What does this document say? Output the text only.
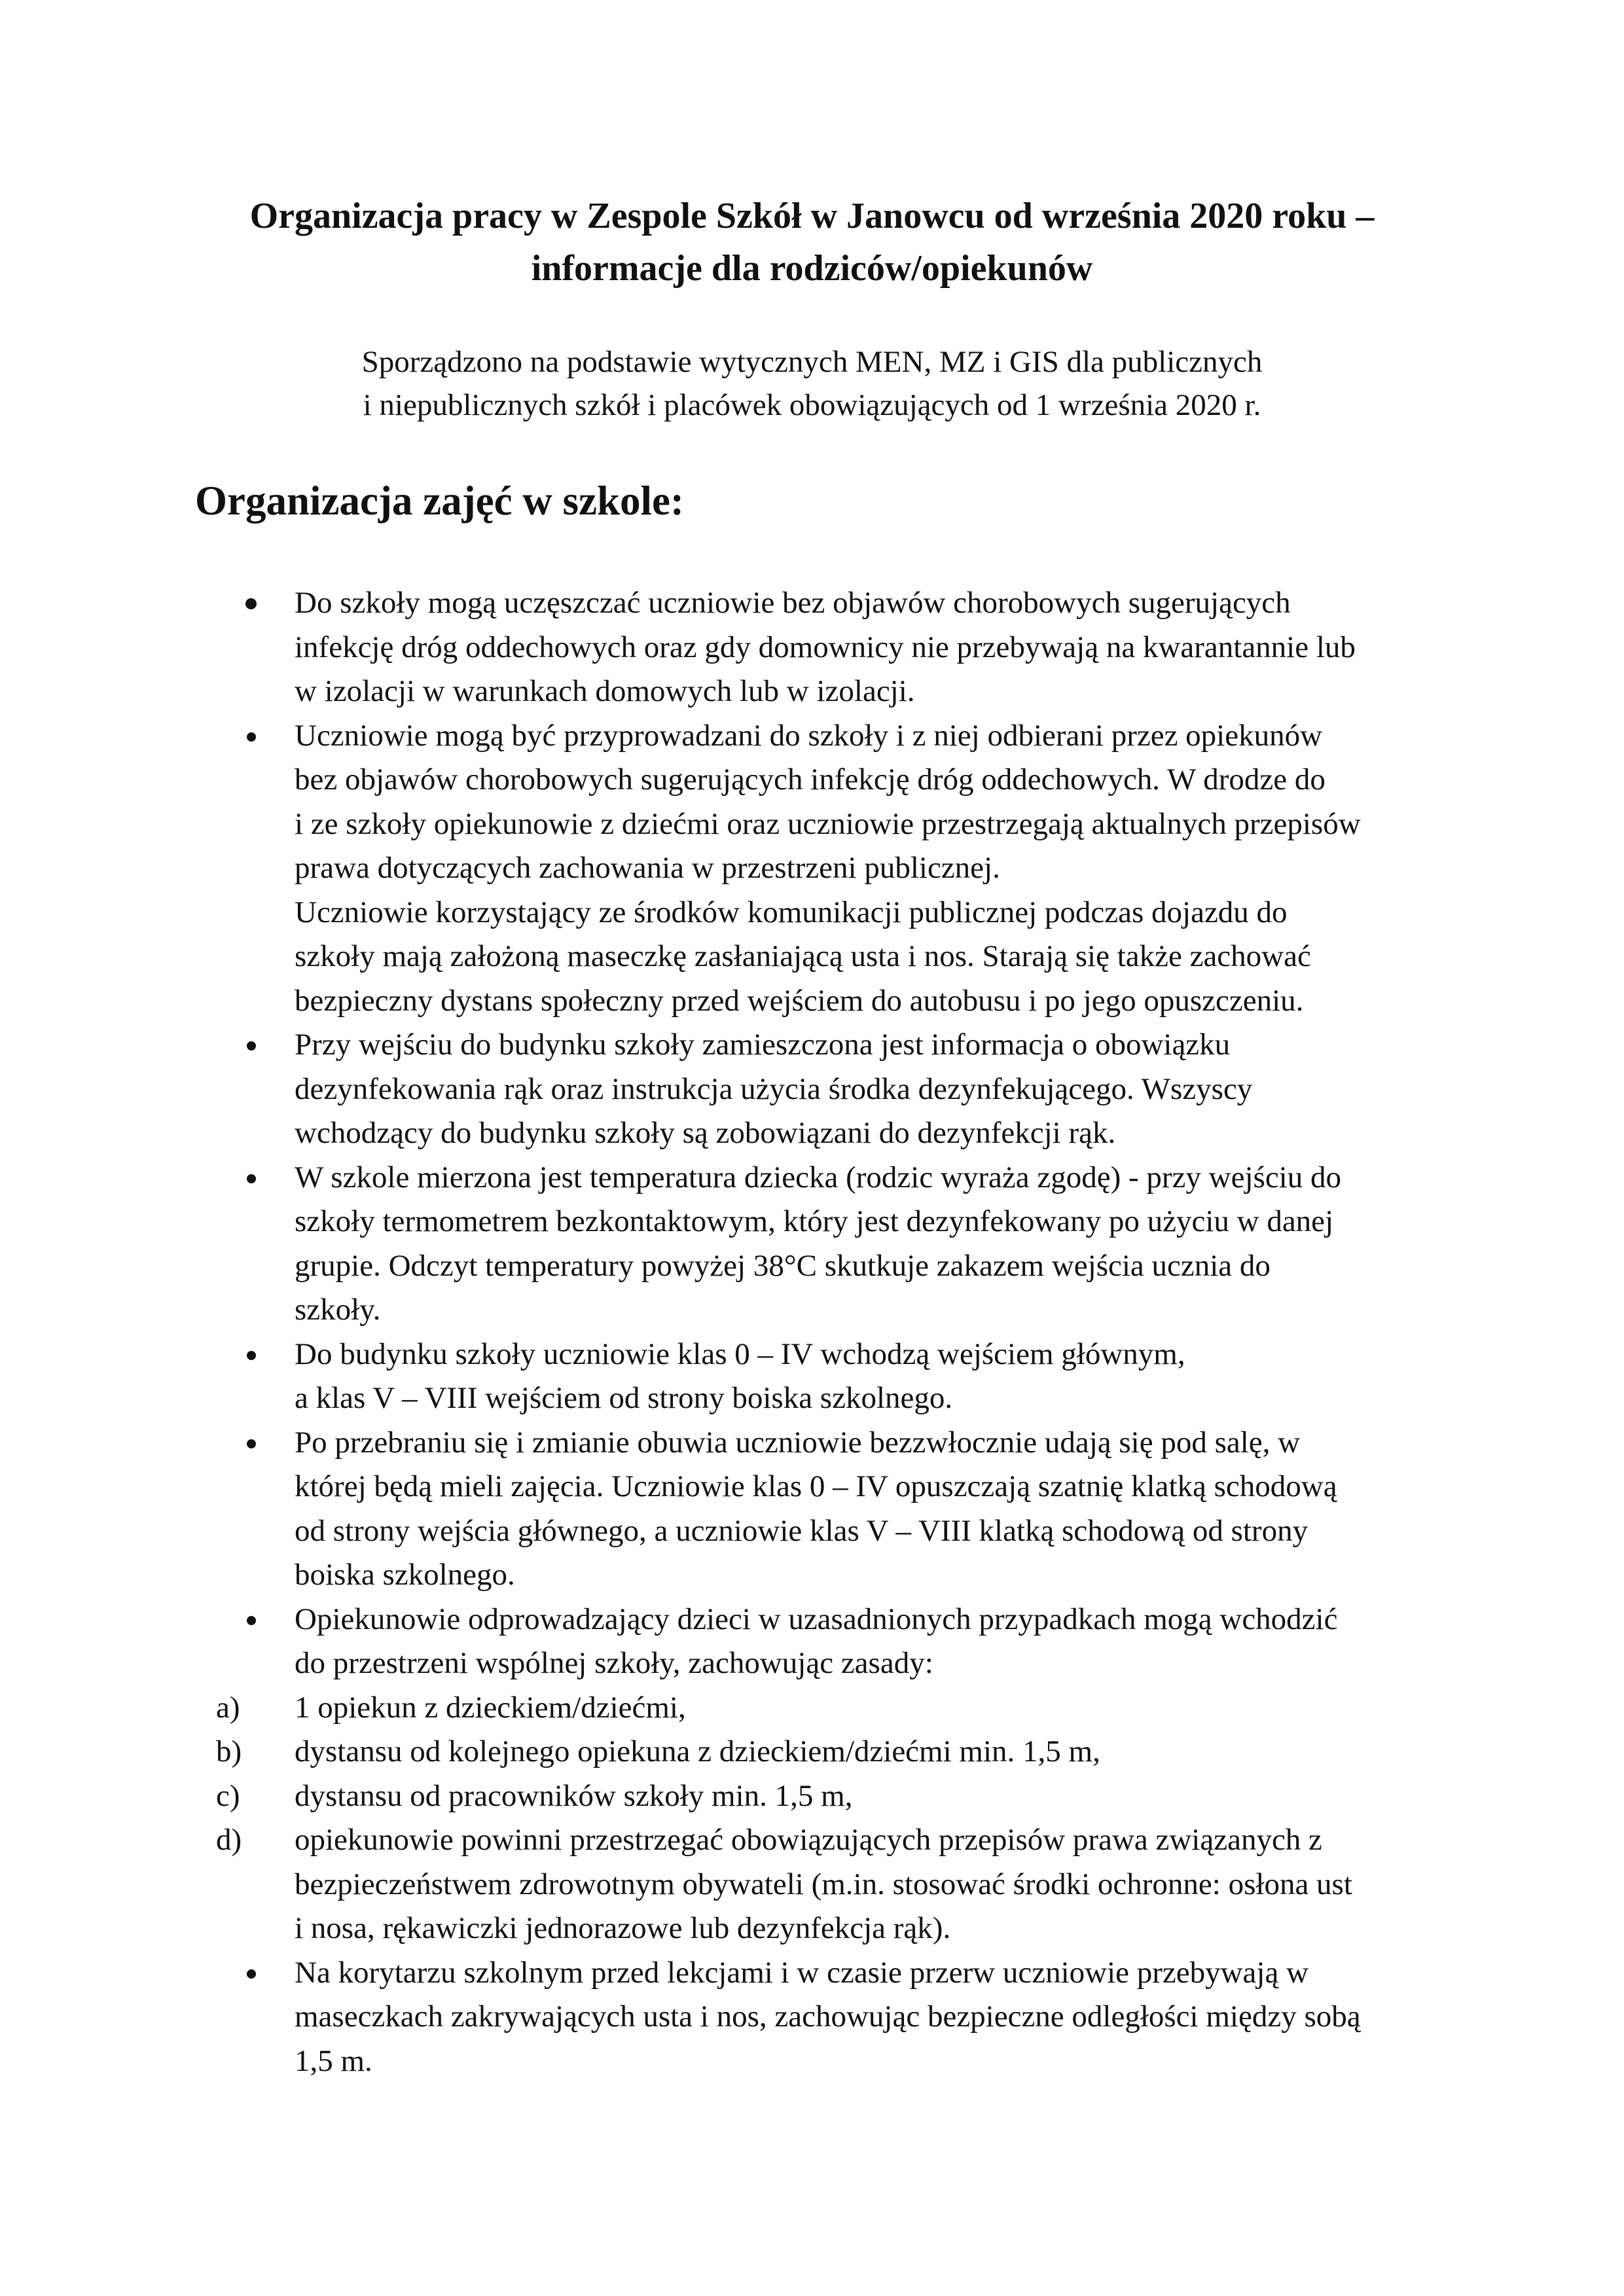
Organizacja pracy w Zespole Szkół w Janowcu od września 2020 roku –
informacje dla rodziców/opiekunów
Sporządzono na podstawie wytycznych MEN, MZ i GIS dla publicznych
i niepublicznych szkół i placówek obowiązujących od 1 września 2020 r.
Organizacja zajęć w szkole:
Do szkoły mogą uczęszczać uczniowie bez objawów chorobowych sugerujących
infekcję dróg oddechowych oraz gdy domownicy nie przebywają na kwarantannie lub
w izolacji w warunkach domowych lub w izolacji.
Uczniowie mogą być przyprowadzani do szkoły i z niej odbierani przez opiekunów
bez objawów chorobowych sugerujących infekcję dróg oddechowych. W drodze do
i ze szkoły opiekunowie z dziećmi oraz uczniowie przestrzegają aktualnych przepisów
prawa dotyczących zachowania w przestrzeni publicznej.
Uczniowie korzystający ze środków komunikacji publicznej podczas dojazdu do
szkoły mają założoną maseczkę zasłaniającą usta i nos. Starają się także zachować
bezpieczny dystans społeczny przed wejściem do autobusu i po jego opuszczeniu.
Przy wejściu do budynku szkoły zamieszczona jest informacja o obowiązku
dezynfekowania rąk oraz instrukcja użycia środka dezynfekującego. Wszyscy
wchodzący do budynku szkoły są zobowiązani do dezynfekcji rąk.
W szkole mierzona jest temperatura dziecka (rodzic wyraża zgodę) - przy wejściu do
szkoły termometrem bezkontaktowym, który jest dezynfekowany po użyciu w danej
grupie. Odczyt temperatury powyżej 38°C skutkuje zakazem wejścia ucznia do
szkoły.
Do budynku szkoły uczniowie klas 0 – IV wchodzą wejściem głównym,
a klas V – VIII wejściem od strony boiska szkolnego.
Po przebraniu się i zmianie obuwia uczniowie bezzwłocznie udają się pod salę, w
której będą mieli zajęcia. Uczniowie klas 0 – IV opuszczają szatnię klatką schodową
od strony wejścia głównego, a uczniowie klas V – VIII klatką schodową od strony
boiska szkolnego.
Opiekunowie odprowadzający dzieci w uzasadnionych przypadkach mogą wchodzić
do przestrzeni wspólnej szkoły, zachowując zasady:
a) 1 opiekun z dzieckiem/dziećmi,
b) dystansu od kolejnego opiekuna z dzieckiem/dziećmi min. 1,5 m,
c) dystansu od pracowników szkoły min. 1,5 m,
d) opiekunowie powinni przestrzegać obowiązujących przepisów prawa związanych z
bezpieczeństwem zdrowotnym obywateli (m.in. stosować środki ochronne: osłona ust
i nosa, rękawiczki jednorazowe lub dezynfekcja rąk).
Na korytarzu szkolnym przed lekcjami i w czasie przerw uczniowie przebywają w
maseczkach zakrywających usta i nos, zachowując bezpieczne odległości między sobą
1,5 m.
